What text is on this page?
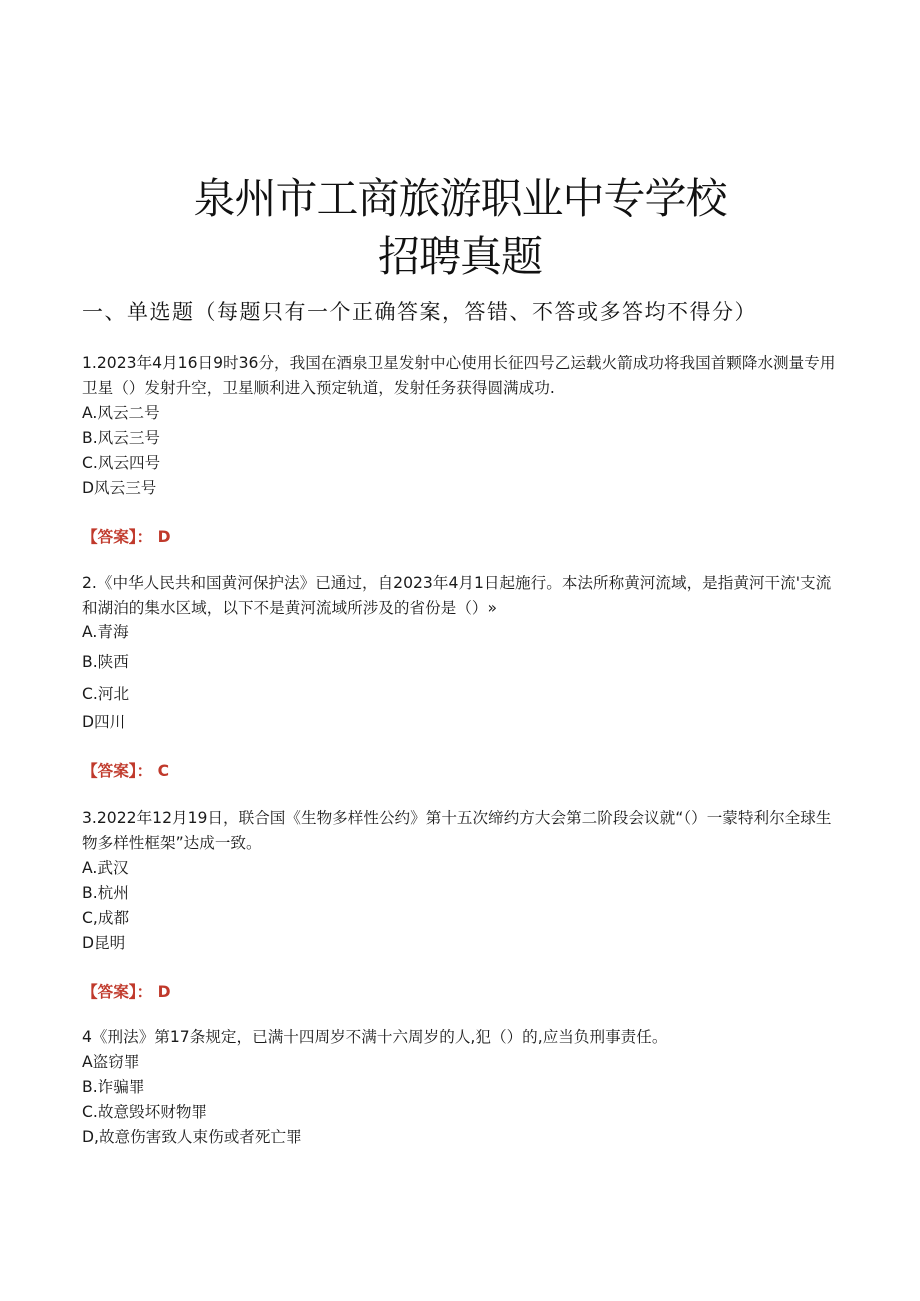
泉州市工商旅游职业中专学校
招聘真题
一、单选题（每题只有一个正确答案，答错、不答或多答均不得分）
1.2023年4月16日9时36分，我国在酒泉卫星发射中心使用长征四号乙运载火箭成功将我国首颗降水测量专用卫星（）发射升空，卫星顺利进入预定轨道，发射任务获得圆满成功.
A.风云二号
B.风云三号
C.风云四号
D风云三号
【答案】： D
2.《中华人民共和国黄河保护法》已通过，自2023年4月1日起施行。本法所称黄河流域，是指黄河干流'支流和湖泊的集水区域，以下不是黄河流域所涉及的省份是（）»
A.青海
B.陕西
C.河北
D四川
【答案】： C
3.2022年12月19日，联合国《生物多样性公约》第十五次缔约方大会第二阶段会议就“（）一蒙特利尔全球生物多样性框架”达成一致。
A.武汉
B.杭州
C,成都
D昆明
【答案】： D
4《刑法》第17条规定，已满十四周岁不满十六周岁的人,犯（）的,应当负刑事责任。
A盗窃罪
B.诈骗罪
C.故意毁坏财物罪
D,故意伤害致人束伤或者死亡罪
